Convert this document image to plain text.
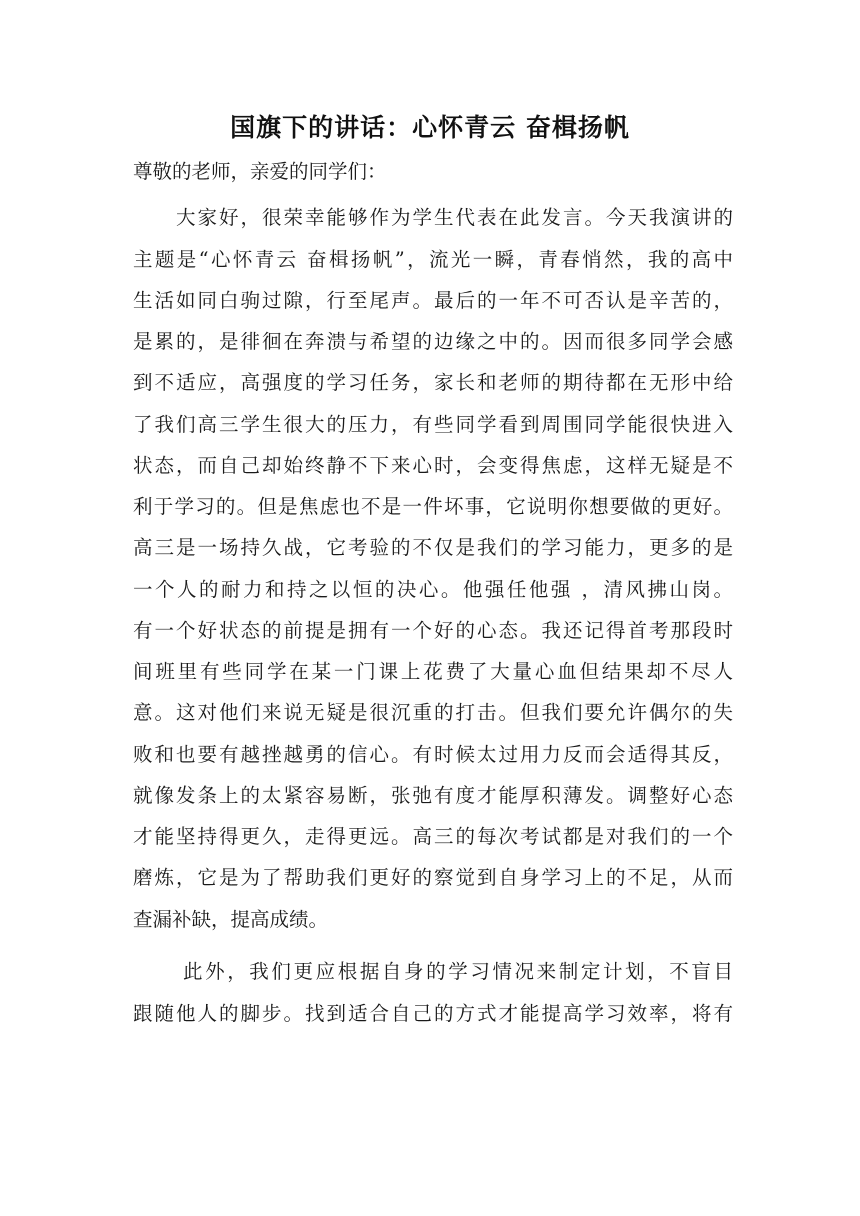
国旗下的讲话：心怀青云 奋楫扬帆
尊敬的老师，亲爱的同学们：
大家好，很荣幸能够作为学生代表在此发言。今天我演讲的
主题是“心怀青云 奋楫扬帆”，流光一瞬，青春悄然，我的高中
生活如同白驹过隙，行至尾声。最后的一年不可否认是辛苦的，
是累的，是徘徊在奔溃与希望的边缘之中的。因而很多同学会感
到不适应，高强度的学习任务，家长和老师的期待都在无形中给
了我们高三学生很大的压力，有些同学看到周围同学能很快进入
状态，而自己却始终静不下来心时，会变得焦虑，这样无疑是不
利于学习的。但是焦虑也不是一件坏事，它说明你想要做的更好。
高三是一场持久战，它考验的不仅是我们的学习能力，更多的是
一个人的耐力和持之以恒的决心。他强任他强 ，清风拂山岗。
有一个好状态的前提是拥有一个好的心态。我还记得首考那段时
间班里有些同学在某一门课上花费了大量心血但结果却不尽人
意。这对他们来说无疑是很沉重的打击。但我们要允许偶尔的失
败和也要有越挫越勇的信心。有时候太过用力反而会适得其反，
就像发条上的太紧容易断，张弛有度才能厚积薄发。调整好心态
才能坚持得更久，走得更远。高三的每次考试都是对我们的一个
磨炼，它是为了帮助我们更好的察觉到自身学习上的不足，从而
查漏补缺，提高成绩。
此外，我们更应根据自身的学习情况来制定计划，不盲目
跟随他人的脚步。找到适合自己的方式才能提高学习效率，将有
